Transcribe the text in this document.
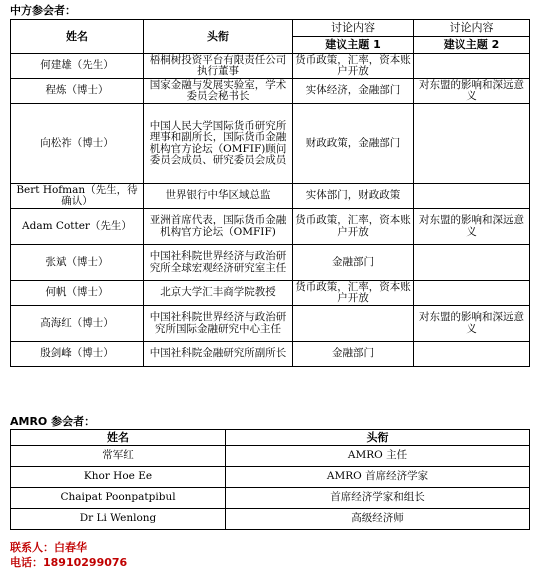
中方参会者：
姓名	头衔	讨论内容	讨论内容
		建议主题 1	建议主题 2
何建雄（先生）	梧桐树投资平台有限责任公司执行董事	货币政策，汇率，资本账户开放	
程炼（博士）	国家金融与发展实验室，学术委员会秘书长	实体经济，金融部门	对东盟的影响和深远意义
向松祚（博士）	中国人民大学国际货币研究所理事和副所长，国际货币金融机构官方论坛（OMFIF)顾问委员会成员、研究委员会成员	财政政策，金融部门	
Bert Hofman（先生，待确认）	世界银行中华区域总监	实体部门，财政政策	
Adam Cotter（先生）	亚洲首席代表，国际货币金融机构官方论坛（OMFIF)	货币政策，汇率，资本账户开放	对东盟的影响和深远意义
张斌（博士）	中国社科院世界经济与政治研究所全球宏观经济研究室主任	金融部门	
何帆（博士）	北京大学汇丰商学院教授	货币政策，汇率，资本账户开放	
高海红（博士）	中国社科院世界经济与政治研究所国际金融研究中心主任		对东盟的影响和深远意义
殷剑峰（博士）	中国社科院金融研究所副所长	金融部门	
AMRO 参会者：
姓名	头衔
常军红	AMRO 主任
Khor Hoe Ee	AMRO 首席经济学家
Chaipat Poonpatpibul	首席经济学家和组长
Dr Li Wenlong	高级经济师
联系人：白春华
电话：18910299076
